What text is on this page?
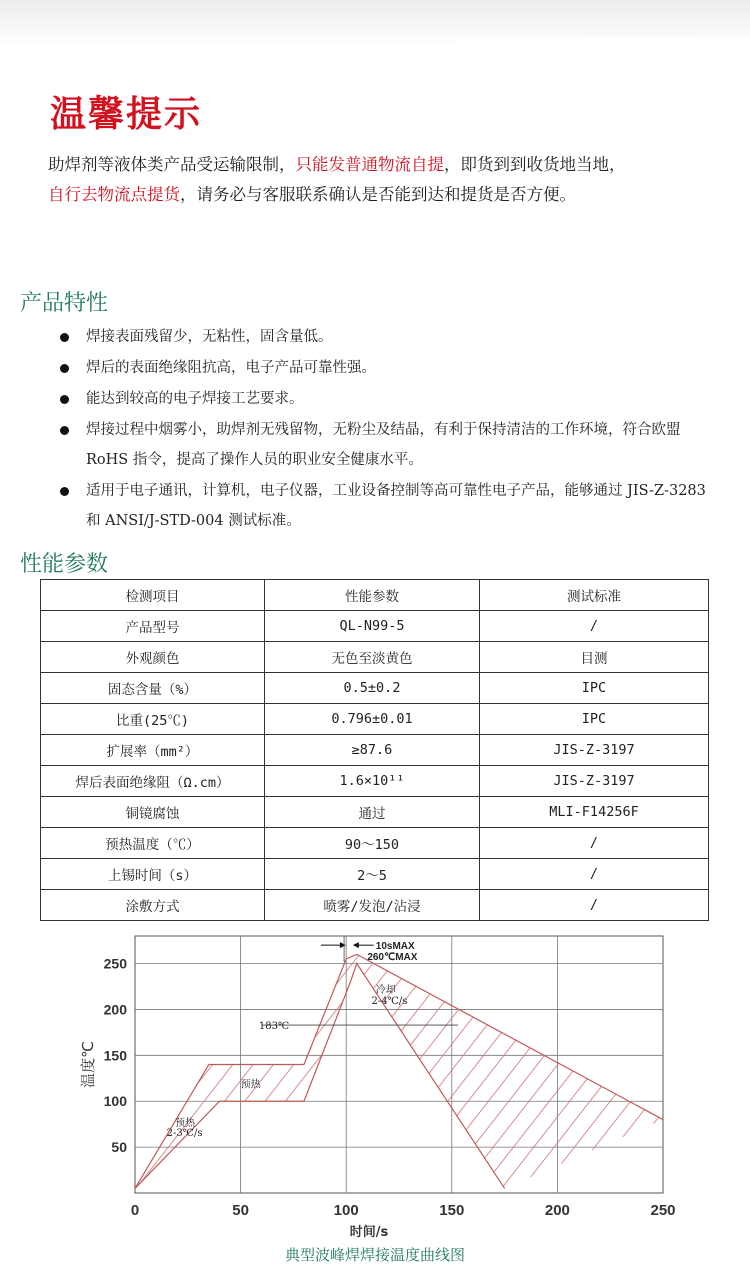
温馨提示
助焊剂等液体类产品受运输限制，只能发普通物流自提，即货到到收货地当地，
自行去物流点提货，请务必与客服联系确认是否能到达和提货是否方便。
产品特性
焊接表面残留少，无粘性，固含量低。
焊后的表面绝缘阻抗高，电子产品可靠性强。
能达到较高的电子焊接工艺要求。
焊接过程中烟雾小，助焊剂无残留物，无粉尘及结晶，有利于保持清洁的工作环境，符合欧盟 RoHS 指令，提高了操作人员的职业安全健康水平。
适用于电子通讯，计算机，电子仪器，工业设备控制等高可靠性电子产品，能够通过 JIS-Z-3283 和 ANSI/J-STD-004 测试标准。
性能参数
检测项目	性能参数	测试标准
产品型号	QL-N99-5	/
外观颜色	无色至淡黄色	目测
固态含量（%）	0.5±0.2	IPC
比重(25℃)	0.796±0.01	IPC
扩展率（mm²）	≥87.6	JIS-Z-3197
焊后表面绝缘阻（Ω.cm）	1.6×10¹¹	JIS-Z-3197
铜镜腐蚀	通过	MLI-F14256F
预热温度（℃）	90～150	/
上锡时间（s）	2～5	/
涂敷方式	喷雾/发泡/沾浸	/
0	50	100	150	200	250
50
100
150
200
250
时间/s
温度℃
183℃
10sMAX
260℃MAX
冷却
2-4℃/s
预热
预热
2-3℃/s
典型波峰焊焊接温度曲线图
